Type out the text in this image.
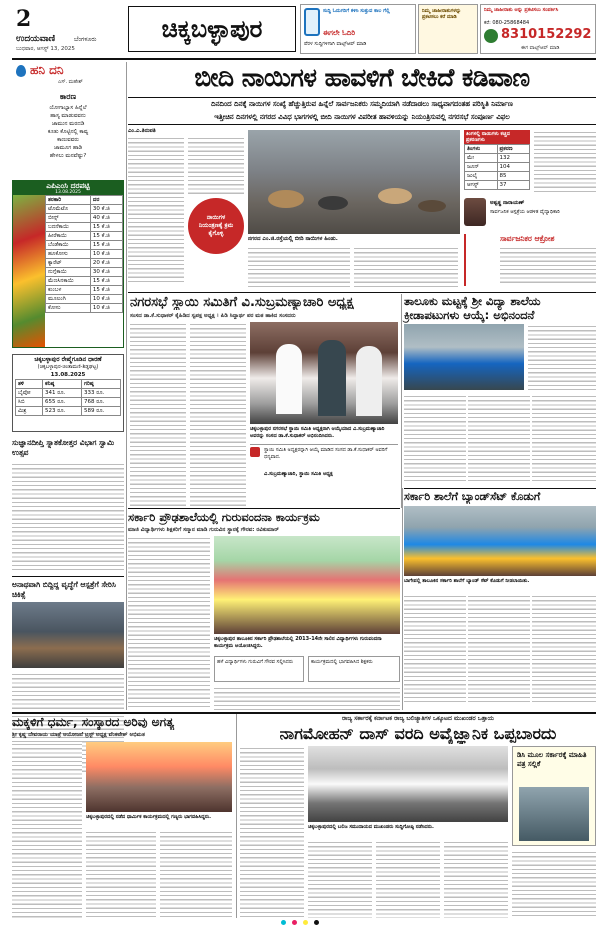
2
ಉದಯವಾಣಿ	ಬೆಂಗಳೂರು
ಬುಧವಾರ, ಆಗಸ್ಟ್ 13, 2025
ಚಿಕ್ಕಬಳ್ಳಾಪುರ
ಸುದ್ದಿ ಓದುಗರಿಗೆ ಕಳಿಸಿ ಸುತ್ತುವ ಕಾಲ ಗೆಲ್ಲಿ
ಈಗಲೇ ಓದಿರಿ
ಪೆರಳ ಸುದ್ದಿಗಳಿಗಾಗಿ ವಾಟ್ಸ್‌ಆಪ್ ಮಾಡಿ
ನಿಮ್ಮ ಜಾಹೀರಾತುಗಳನ್ನು ಪ್ರಕಟಿಸಲು ಕರೆ ಮಾಡಿ
ನಿಮ್ಮ ಜಾಹೀರಾತು ಅನ್ನು ಪ್ರಕಟಿಸಲು ಸಂಪರ್ಕಿಸಿ
ಕರೆ: 080-25868484
8310152292
ಈಗ ವಾಟ್ಸ್ಆಪ್ ಮಾಡಿ
ಹನಿ ದನಿ
ಎಸ್. ಮಹೇಶ್
ಕಾರಣ
ಯೋಗಾಭ್ಯಾಸ ಹಿನ್ನೆಲೆ
ಹಾಸ್ಯ ಮಾಡುವವನು
ಜಾಮುನ ಮರದಡಿ
ಕೂತು ಕೊಟ್ಟಿನಲ್ಲಿ ಕಾವ್ಯ
ಕಾಣುವವರು
ಜಾಮೂಗ ಹಾಡಿ
ಹೇಳಲು ಮನವೆಷ್ಟು?
ಎಪಿಎಂಸಿ ದರಪಟ್ಟಿ
13.08.2025
ತರಕಾರಿ	ದರ
ಟೊಮೆಟೊ	30 ಕೆ.ಜಿ
ಬೀನ್ಸ್	40 ಕೆ.ಜಿ
ಬದನೆಕಾಯಿ	15 ಕೆ.ಜಿ
ಹೀರೆಕಾಯಿ	15 ಕೆ.ಜಿ
ಬೆಂಡೆಕಾಯಿ	15 ಕೆ.ಜಿ
ಹೂಕೋಸು	10 ಕೆ.ಜಿ
ಕ್ಯಾರೆಟ್	20 ಕೆ.ಜಿ
ನುಗ್ಗೆಕಾಯಿ	30 ಕೆ.ಜಿ
ಮೆಣಸಿನಕಾಯಿ	15 ಕೆ.ಜಿ
ಕುಂಬಳ	15 ಕೆ.ಜಿ
ಮೂಲಂಗಿ	10 ಕೆ.ಜಿ
ಕೋಸು	10 ಕೆ.ಜಿ
ಚಿಕ್ಕಬಳ್ಳಾಪುರ ರೇಷ್ಮೆಗೂಡಿನ ಧಾರಣೆ
(ಚಿಕ್ಕಬಳ್ಳಾಪುರ-ಚಿಂತಾಮಣಿ-ಶಿಡ್ಲಘಟ್ಟ)
13.08.2025
ತಳಿ	ಕನಿಷ್ಠ	ಗರಿಷ್ಠ
ಬೈವೋ	341 ರೂ.	333 ರೂ.
ಸಿಬಿ	655 ರೂ.	768 ರೂ.
ಮಿಶ್ರ	523 ರೂ.	589 ರೂ.
ಸುಜ್ಞಾನದೀಪ್ತಿ ಸ್ನಾತಕೋತ್ತರ ವಿಭಾಗ ಸ್ವಾಮಿ ಉತ್ಸವ
ಅನಾಥವಾಗಿ ಬಿದ್ದಿದ್ದ ವೃದ್ಧೆಗೆ ಆಸ್ಪತ್ರೆಗೆ ಸೇರಿಸಿ ಚಿಕಿತ್ಸೆ
ಬೀದಿ ನಾಯಿಗಳ ಹಾವಳಿಗೆ ಬೇಕಿದೆ ಕಡಿವಾಣ
ದಿನದಿಂದ ದಿನಕ್ಕೆ ನಾಯಿಗಳ ಸಂಖ್ಯೆ ಹೆಚ್ಚುತ್ತಿರುವ ಹಿನ್ನೆಲೆ ಸಾರ್ವಜನಿಕರು ಸಮ್ಮದಿಯಾಗಿ ನಡೆದಾಡಲು ಸಾಧ್ಯವಾಗದಂತಹ ಪರಿಸ್ಥಿತಿ ನಿರ್ಮಾಣ
ಇತ್ತೀಚಿನ ದಿನಗಳಲ್ಲಿ ನಗರದ ವಿವಿಧ ಭಾಗಗಳಲ್ಲಿ ಬೀದಿ ನಾಯಿಗಳ ವಿಪರೀತ ಹಾವಳಿಯನ್ನು ನಿಯಂತ್ರಿಸುವಲ್ಲಿ ನಗರಸಭೆ ಸಂಪೂರ್ಣ ವಿಫಲ
ಎಂ.ಎ.ತಿರುಪತಿ
ನಾಯಿಗಳ ನಿಯಂತ್ರಣಕ್ಕೆ ಕ್ರಮ ಕೈಗೊಳ್ಳಿ
ನಗರದ ಎಂ.ಜಿ.ರಸ್ತೆಯಲ್ಲಿ ಬೀದಿ ನಾಯಿಗಳ ಹಿಂಡು.
ತಿಂಗಳಲ್ಲಿ ನಾಯಿಗಳು ಕಚ್ಚಿದ ಪ್ರಕರಣಗಳು
ತಿಂಗಳು	ಪ್ರಕರಣ
ಮೇ	132
ಜೂನ್	104
ಜುಲೈ	85
ಆಗಸ್ಟ್	37
ಅಶ್ವತ್ಥ ನಾರಾಯಣ್
ಸಾರ್ವಜನಿಕ ಆಸ್ಪತ್ರೆಯ ಆಡಳಿತ ವೈದ್ಯಾಧಿಕಾರಿ
ಸಾರ್ವಜನಿಕರ ಆಕ್ರೋಶ
ನಗರಸಭೆ ಸ್ಥಾಯಿ ಸಮಿತಿಗೆ ವಿ.ಸುಬ್ರಮಣ್ಯಾಚಾರಿ ಅಧ್ಯಕ್ಷ
ಸಂಸದ ಡಾ.ಕೆ.ಸುಧಾಕರ್ ಕೈಹಿಡಿದ ಸ್ವಪಕ್ಷ ಅಧ್ಯಕ್ಷ । ಪಿಡಿ ಸಿದ್ದಾರ್ಥ ಪರ ಮತ ಹಾಕಿದ ಸಂಸದರು
ಚಿಕ್ಕಬಳ್ಳಾಪುರ ನಗರಸಭೆ ಸ್ಥಾಯಿ ಸಮಿತಿ ಅಧ್ಯಕ್ಷರಾಗಿ ಆಯ್ಕೆಯಾದ ವಿ.ಸುಬ್ರಮಣ್ಯಾಚಾರಿ ಅವರನ್ನು ಸಂಸದ ಡಾ.ಕೆ.ಸುಧಾಕರ್ ಅಭಿನಂದಿಸಿದರು.
ಸ್ಥಾಯಿ ಸಮಿತಿ ಅಧ್ಯಕ್ಷರನ್ನಾಗಿ ಆಯ್ಕೆ ಮಾಡಿದ ಸಂಸದ ಡಾ.ಕೆ.ಸುಧಾಕರ್ ಅವರಿಗೆ ಧನ್ಯವಾದ.
ವಿ.ಸುಬ್ರಮಣ್ಯಾಚಾರಿ, ಸ್ಥಾಯಿ ಸಮಿತಿ ಅಧ್ಯಕ್ಷ
ತಾಲೂಕು ಮಟ್ಟಕ್ಕೆ ಶ್ರೀ ವಿದ್ಯಾ ಶಾಲೆಯ ಕ್ರೀಡಾಪಟುಗಳು ಆಯ್ಕೆ: ಅಭಿನಂದನೆ
ಸರ್ಕಾರಿ ಶಾಲೆಗೆ ಬ್ಯಾಂಡ್‌ಸೆಟ್ ಕೊಡುಗೆ
ಬಾಗೇಪಲ್ಲಿ ತಾಲೂಕಿನ ಸರ್ಕಾರಿ ಶಾಲೆಗೆ ಬ್ಯಾಂಡ್ ಸೆಟ್ ಕೊಡುಗೆ ನೀಡಲಾಯಿತು.
ಸರ್ಕಾರಿ ಪ್ರೌಢಶಾಲೆಯಲ್ಲಿ ಗುರುವಂದನಾ ಕಾರ್ಯಕ್ರಮ
ಮಾಜಿ ವಿದ್ಯಾರ್ಥಿಗಳು ಶಿಕ್ಷಕರಿಗೆ ಸನ್ಮಾನ ಮಾಡಿ ಗುರುವಿನ ಸ್ಥಾನಕ್ಕೆ ಗೌರವ: ರವಿಕುಮಾರ್
ಚಿಕ್ಕಬಳ್ಳಾಪುರ ತಾಲೂಕಿನ ಸರ್ಕಾರಿ ಪ್ರೌಢಶಾಲೆಯಲ್ಲಿ 2013-14ನೇ ಸಾಲಿನ ವಿದ್ಯಾರ್ಥಿಗಳು ಗುರುವಂದನಾ ಕಾರ್ಯಕ್ರಮ ಆಯೋಜಿಸಿದ್ದರು.
ಹಳೆ ವಿದ್ಯಾರ್ಥಿಗಳು ಗುರುವಿಗೆ ಗೌರವ ಸಲ್ಲಿಸಿದರು	ಕಾರ್ಯಕ್ರಮದಲ್ಲಿ ಭಾಗವಹಿಸಿದ ಶಿಕ್ಷಕರು
ಮಕ್ಕಳಿಗೆ ಧರ್ಮ, ಸಂಸ್ಕಾರದ ಅರಿವು ಅಗತ್ಯ
ಶ್ರೀ ಕೃಷ್ಣ ದೇವರಾಯ ಯಾತ್ರೆ ಆಯೋಜನೆ ಟ್ರಸ್ಟ್ ಅಧ್ಯಕ್ಷ ವೆಂಕಟೇಶ್ ಅಭಿಮತ
ಚಿಕ್ಕಬಳ್ಳಾಪುರದಲ್ಲಿ ನಡೆದ ಧಾರ್ಮಿಕ ಕಾರ್ಯಕ್ರಮದಲ್ಲಿ ಗಣ್ಯರು ಭಾಗವಹಿಸಿದ್ದರು.
ರಾಜ್ಯ ಸರ್ಕಾರಕ್ಕೆ ಕರ್ನಾಟಕ ರಾಜ್ಯ ಬಲಿಜ್ಯಾತಿಗಳ ಒಕ್ಕೂಟದ ಮುಖಂಡರ ಒತ್ತಾಯ
ನಾಗಮೋಹನ್ ದಾಸ್ ವರದಿ ಅವೈಜ್ಞಾನಿಕ ಒಪ್ಪಬಾರದು
ಚಿಕ್ಕಬಳ್ಳಾಪುರದಲ್ಲಿ ಬಲಿಜ ಸಮುದಾಯದ ಮುಖಂಡರು ಸುದ್ದಿಗೋಷ್ಠಿ ನಡೆಸಿದರು.
ಡಿಸಿ ಮೂಲ ಸರ್ಕಾರಕ್ಕೆ ಮಾಹಿತಿ ಪತ್ರ ಸಲ್ಲಿಕೆ
